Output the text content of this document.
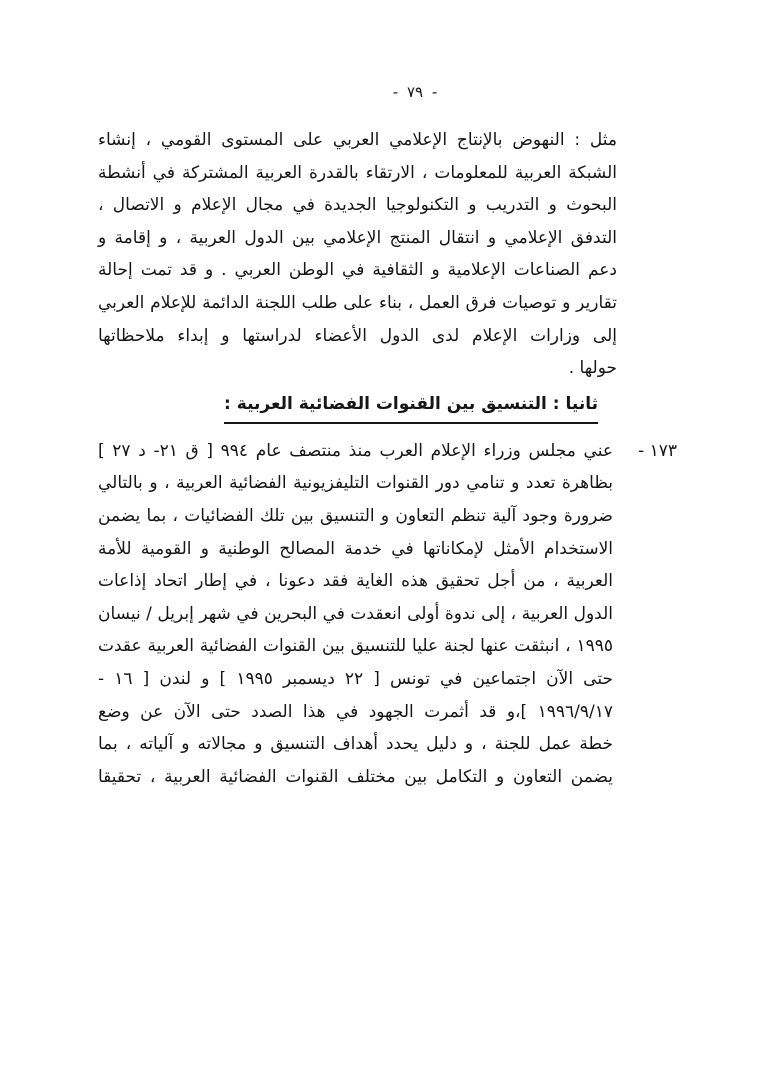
- ٧٩ -
مثل : النهوض بالإنتاج الإعلامي العربي على المستوى القومي ، إنشاء
الشبكة العربية للمعلومات ، الارتقاء بالقدرة العربية المشتركة في أنشطة
البحوث و التدريب و التكنولوجيا الجديدة في مجال الإعلام و الاتصال ،
التدفق الإعلامي و انتقال المنتج الإعلامي بين الدول العربية ، و إقامة و
دعم الصناعات الإعلامية و الثقافية في الوطن العربي . و قد تمت إحالة
تقارير و توصيات فرق العمل ، بناء على طلب اللجنة الدائمة للإعلام العربي
إلى وزارات الإعلام لدى الدول الأعضاء لدراستها و إبداء ملاحظاتها
حولها .
ثانيا : التنسيق بين القنوات الفضائية العربية :
١٧٣ -
عني مجلس وزراء الإعلام العرب منذ منتصف عام ٩٩٤ [ ق ٢١- د ٢٧ ]
بظاهرة تعدد و تنامي دور القنوات التليفزيونية الفضائية العربية ، و بالتالي
ضرورة وجود آلية تنظم التعاون و التنسيق بين تلك الفضائيات ، بما يضمن
الاستخدام الأمثل لإمكاناتها في خدمة المصالح الوطنية و القومية للأمة
العربية ، من أجل تحقيق هذه الغاية فقد دعونا ، في إطار اتحاد إذاعات
الدول العربية ، إلى ندوة أولى انعقدت في البحرين في شهر إبريل / نيسان
١٩٩٥ ، انبثقت عنها لجنة عليا للتنسيق بين القنوات الفضائية العربية عقدت
حتى الآن اجتماعين في تونس [ ٢٢ ديسمبر ١٩٩٥ ] و لندن [ ١٦ -
١٩٩٦/٩/١٧ ]،و قد أثمرت الجهود في هذا الصدد حتى الآن عن وضع
خطة عمل للجنة ، و دليل يحدد أهداف التنسيق و مجالاته و آلياته ، بما
يضمن التعاون و التكامل بين مختلف القنوات الفضائية العربية ، تحقيقا
